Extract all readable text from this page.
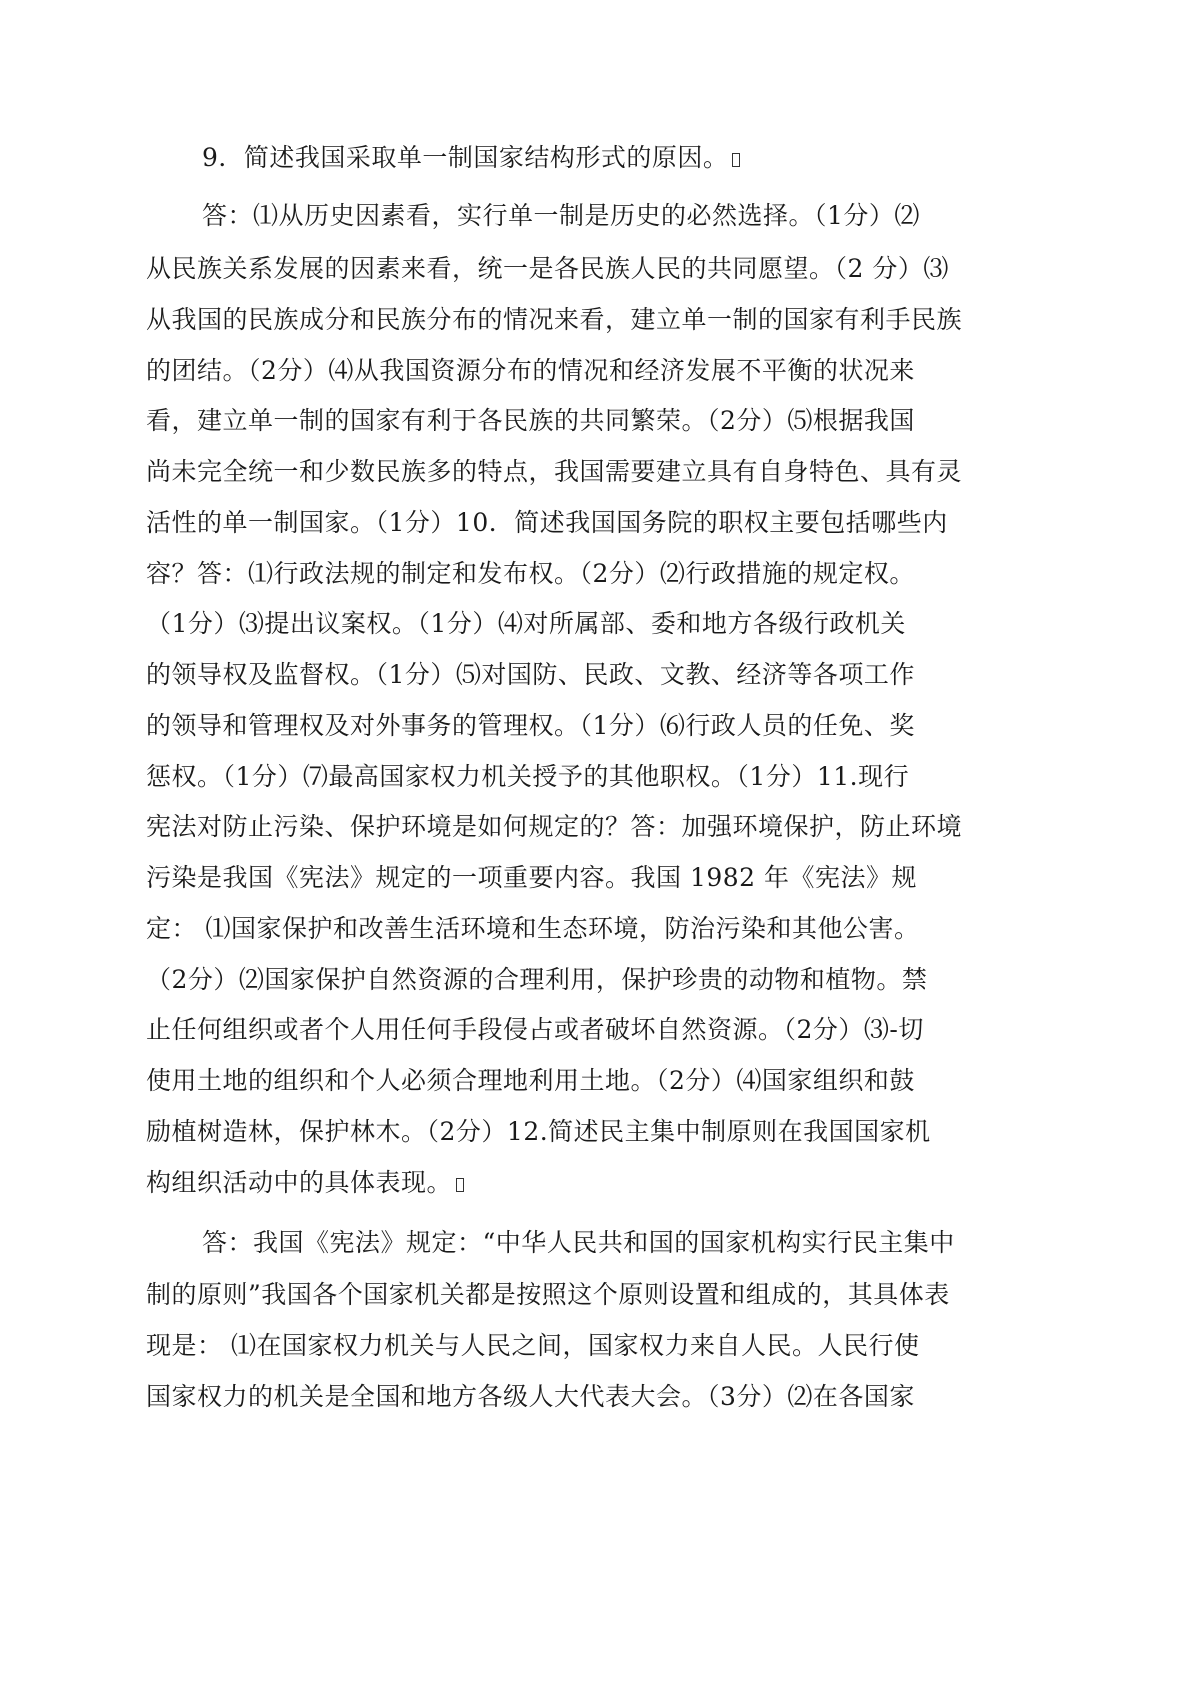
9．简述我国采取单一制国家结构形式的原因。
答：⑴从历史因素看，实行单一制是历史的必然选择。（1分）⑵
从民族关系发展的因素来看，统一是各民族人民的共同愿望。（2 分）⑶
从我国的民族成分和民族分布的情况来看，建立单一制的国家有利手民族
的团结。（2分）⑷从我国资源分布的情况和经济发展不平衡的状况来
看，建立单一制的国家有利于各民族的共同繁荣。（2分）⑸根据我国
尚未完全统一和少数民族多的特点，我国需要建立具有自身特色、具有灵
活性的单一制国家。（1分）10．简述我国国务院的职权主要包括哪些内
容？答：⑴行政法规的制定和发布权。（2分）⑵行政措施的规定权。
（1分）⑶提出议案权。（1分）⑷对所属部、委和地方各级行政机关
的领导权及监督权。（1分）⑸对国防、民政、文教、经济等各项工作
的领导和管理权及对外事务的管理权。（1分）⑹行政人员的任免、奖
惩权。（1分）⑺最高国家权力机关授予的其他职权。（1分）11.现行
宪法对防止污染、保护环境是如何规定的？答：加强环境保护，防止环境
污染是我国《宪法》规定的一项重要内容。我国 1982 年《宪法》规
定： ⑴国家保护和改善生活环境和生态环境，防治污染和其他公害。
（2分）⑵国家保护自然资源的合理利用，保护珍贵的动物和植物。禁
止任何组织或者个人用任何手段侵占或者破坏自然资源。（2分）⑶-切
使用土地的组织和个人必须合理地利用土地。（2分）⑷国家组织和鼓
励植树造林，保护林木。（2分）12.简述民主集中制原则在我国国家机
构组织活动中的具体表现。
答：我国《宪法》规定：“中华人民共和国的国家机构实行民主集中
制的原则”我国各个国家机关都是按照这个原则设置和组成的，其具体表
现是： ⑴在国家权力机关与人民之间，国家权力来自人民。人民行使
国家权力的机关是全国和地方各级人大代表大会。（3分）⑵在各国家
